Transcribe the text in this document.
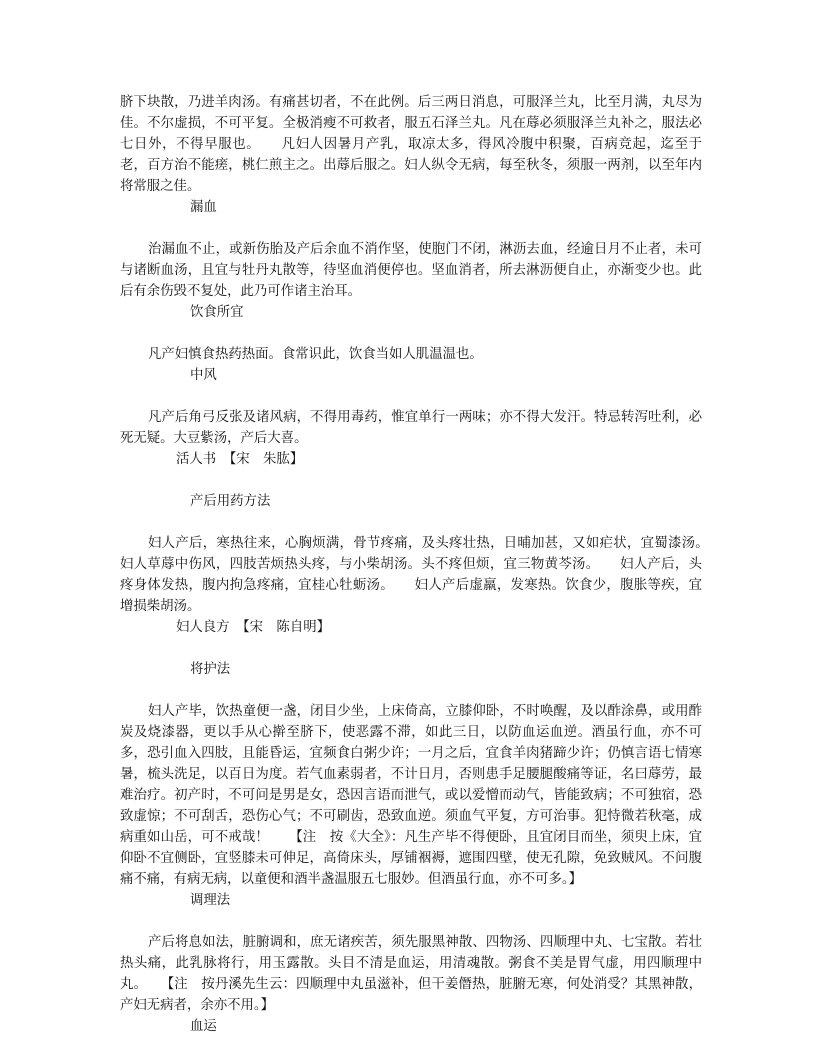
脐下块散，乃进羊肉汤。有痛甚切者，不在此例。后三两日消息，可服泽兰丸，比至月满，丸尽为佳。不尔虚损，不可平复。全极消瘦不可救者，服五石泽兰丸。凡在蓐必须服泽兰丸补之，服法必七日外，不得早服也。　　凡妇人因暑月产乳，取凉太多，得风冷腹中积聚，百病竞起，迄至于老，百方治不能瘥，桃仁煎主之。出蓐后服之。妇人纵令无病，每至秋冬，须服一两剂，以至年内将常服之佳。

漏血

治漏血不止，或新伤胎及产后余血不消作坚，使胞门不闭，淋沥去血，经逾日月不止者，未可与诸断血汤，且宜与牡丹丸散等，待坚血消便停也。坚血消者，所去淋沥便自止，亦渐变少也。此后有余伤毁不复处，此乃可作诸主治耳。

饮食所宜

凡产妇慎食热药热面。食常识此，饮食当如人肌温温也。

中风

凡产后角弓反张及诸风病，不得用毒药，惟宜单行一两味；亦不得大发汗。特忌转泻吐利，必死无疑。大豆紫汤，产后大喜。

活人书　【宋　朱肱】

产后用药方法

妇人产后，寒热往来，心胸烦满，骨节疼痛，及头疼壮热，日晡加甚，又如疟状，宜蜀漆汤。　　妇人草蓐中伤风，四肢苦烦热头疼，与小柴胡汤。头不疼但烦，宜三物黄芩汤。　　妇人产后，头疼身体发热，腹内拘急疼痛，宜桂心牡蛎汤。　　妇人产后虚羸，发寒热。饮食少，腹胀等疾，宜增损柴胡汤。

妇人良方　【宋　陈自明】

将护法

妇人产毕，饮热童便一盏，闭目少坐，上床倚高，立膝仰卧，不时唤醒，及以酢涂鼻，或用酢炭及烧漆器，更以手从心擀至脐下，使恶露不滞，如此三日，以防血运血逆。酒虽行血，亦不可多，恐引血入四肢，且能昏运，宜频食白粥少许；一月之后，宜食羊肉猪蹄少许；仍慎言语七情寒暑，梳头洗足，以百日为度。若气血素弱者，不计日月，否则患手足腰腿酸痛等证，名曰蓐劳，最难治疗。初产时，不可问是男是女，恐因言语而泄气，或以爱憎而动气，皆能致病；不可独宿，恐致虚惊；不可刮舌，恐伤心气；不可刷齿，恐致血逆。须血气平复，方可治事。犯恃微若秋毫，成病重如山岳，可不戒哉！　　【注　按《大全》：凡生产毕不得便卧，且宜闭目而坐，须臾上床，宜仰卧不宜侧卧，宜竖膝未可伸足，高倚床头，厚铺裀褥，遮围四壁，使无孔隙，免致贼风。不问腹痛不痛，有病无病，以童便和酒半盏温服五七服妙。但酒虽行血，亦不可多。】

调理法

产后将息如法，脏腑调和，庶无诸疾苦，须先服黑神散、四物汤、四顺理中丸、七宝散。若壮热头痛，此乳脉将行，用玉露散。头目不清是血运，用清魂散。粥食不美是胃气虚，用四顺理中丸。　　【注　按丹溪先生云：四顺理中丸虽滋补，但干姜僭热，脏腑无寒，何处消受？其黑神散，产妇无病者，余亦不用。】

血运
